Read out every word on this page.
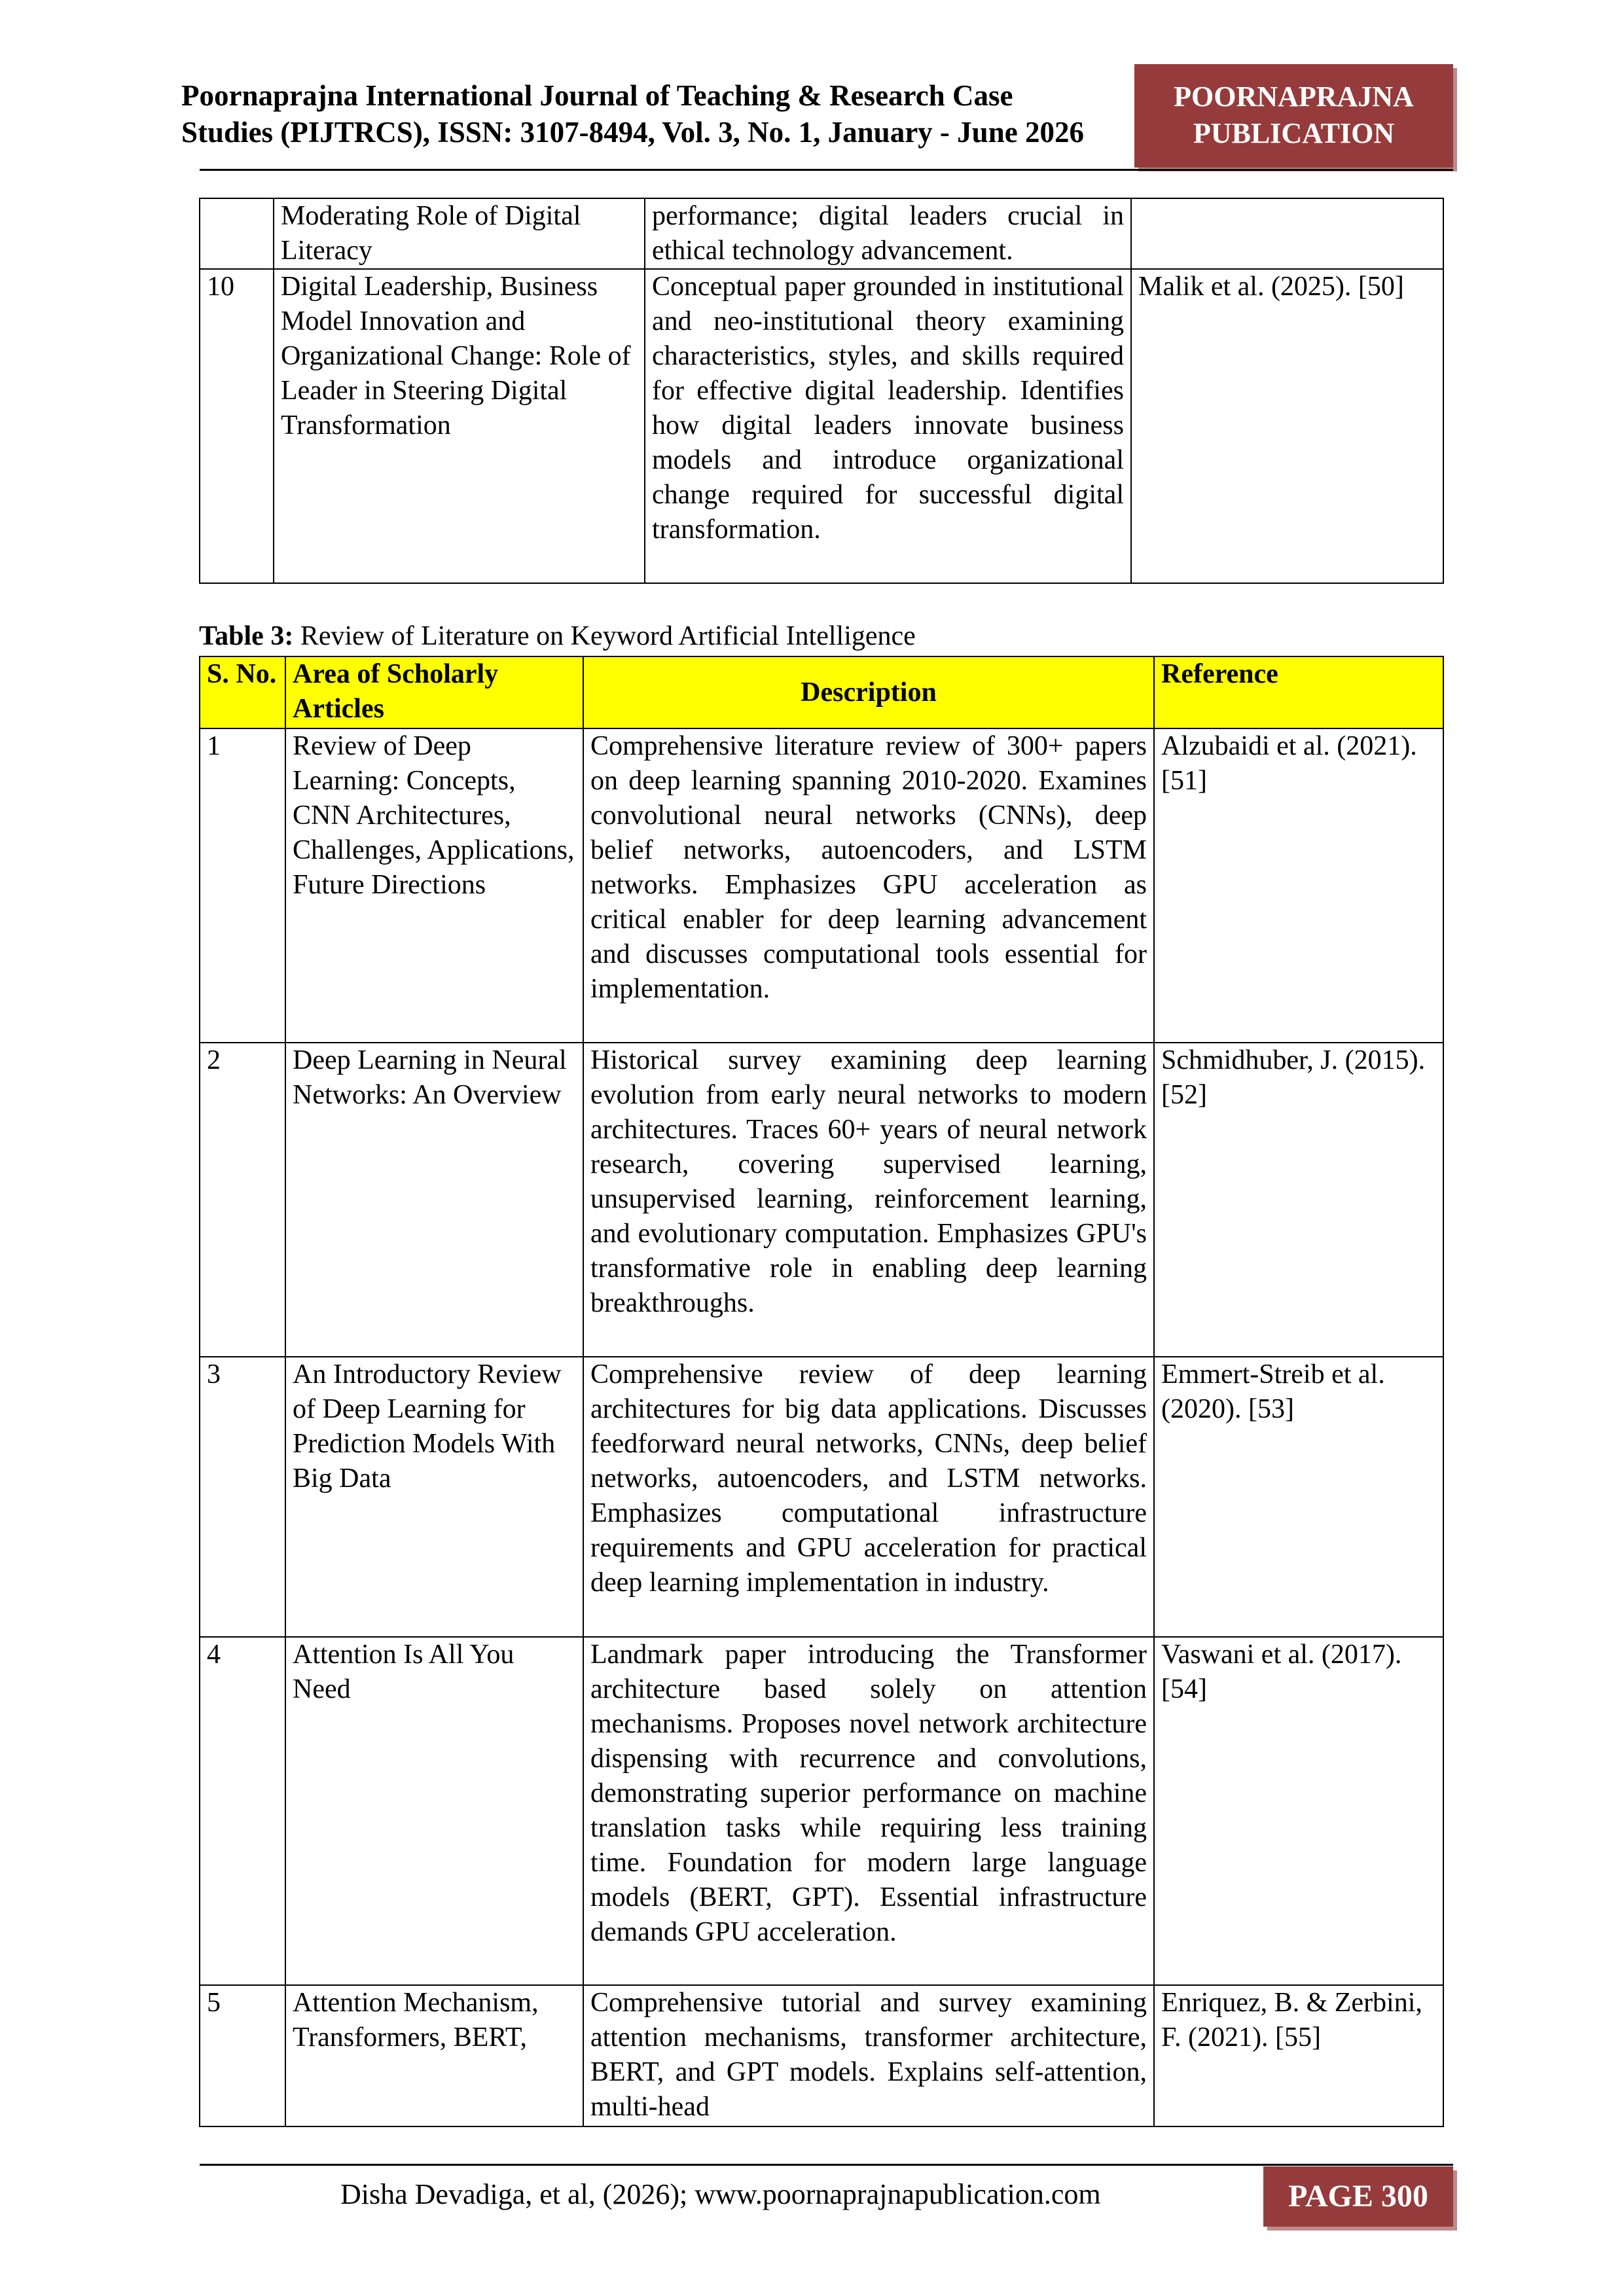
Poornaprajna International Journal of Teaching & Research Case
Studies (PIJTRCS), ISSN: 3107-8494, Vol. 3, No. 1, January - June 2026
POORNAPRAJNA
PUBLICATION
	Moderating Role of Digital Literacy	performance; digital leaders crucial in ethical technology advancement.	
10	Digital Leadership, Business Model Innovation and Organizational Change: Role of Leader in Steering Digital Transformation	Conceptual paper grounded in institutional and neo-institutional theory examining characteristics, styles, and skills required for effective digital leadership. Identifies how digital leaders innovate business models and introduce organizational change required for successful digital transformation.	Malik et al. (2025). [50]
Table 3: Review of Literature on Keyword Artificial Intelligence
S. No.	Area of Scholarly Articles	Description	Reference
1	Review of Deep Learning: Concepts, CNN Architectures, Challenges, Applications, Future Directions	Comprehensive literature review of 300+ papers on deep learning spanning 2010-2020. Examines convolutional neural networks (CNNs), deep belief networks, autoencoders, and LSTM networks. Emphasizes GPU acceleration as critical enabler for deep learning advancement and discusses computational tools essential for implementation.	Alzubaidi et al. (2021). [51]
2	Deep Learning in Neural Networks: An Overview	Historical survey examining deep learning evolution from early neural networks to modern architectures. Traces 60+ years of neural network research, covering supervised learning, unsupervised learning, reinforcement learning, and evolutionary computation. Emphasizes GPU's transformative role in enabling deep learning breakthroughs.	Schmidhuber, J. (2015). [52]
3	An Introductory Review of Deep Learning for Prediction Models With Big Data	Comprehensive review of deep learning architectures for big data applications. Discusses feedforward neural networks, CNNs, deep belief networks, autoencoders, and LSTM networks. Emphasizes computational infrastructure requirements and GPU acceleration for practical deep learning implementation in industry.	Emmert-Streib et al. (2020). [53]
4	Attention Is All You Need	Landmark paper introducing the Transformer architecture based solely on attention mechanisms. Proposes novel network architecture dispensing with recurrence and convolutions, demonstrating superior performance on machine translation tasks while requiring less training time. Foundation for modern large language models (BERT, GPT). Essential infrastructure demands GPU acceleration.	Vaswani et al. (2017). [54]
5	Attention Mechanism, Transformers, BERT,	Comprehensive tutorial and survey examining attention mechanisms, transformer architecture, BERT, and GPT models. Explains self-attention, multi-head	Enriquez, B. & Zerbini, F. (2021). [55]
Disha Devadiga, et al, (2026); www.poornaprajnapublication.com	PAGE 300
